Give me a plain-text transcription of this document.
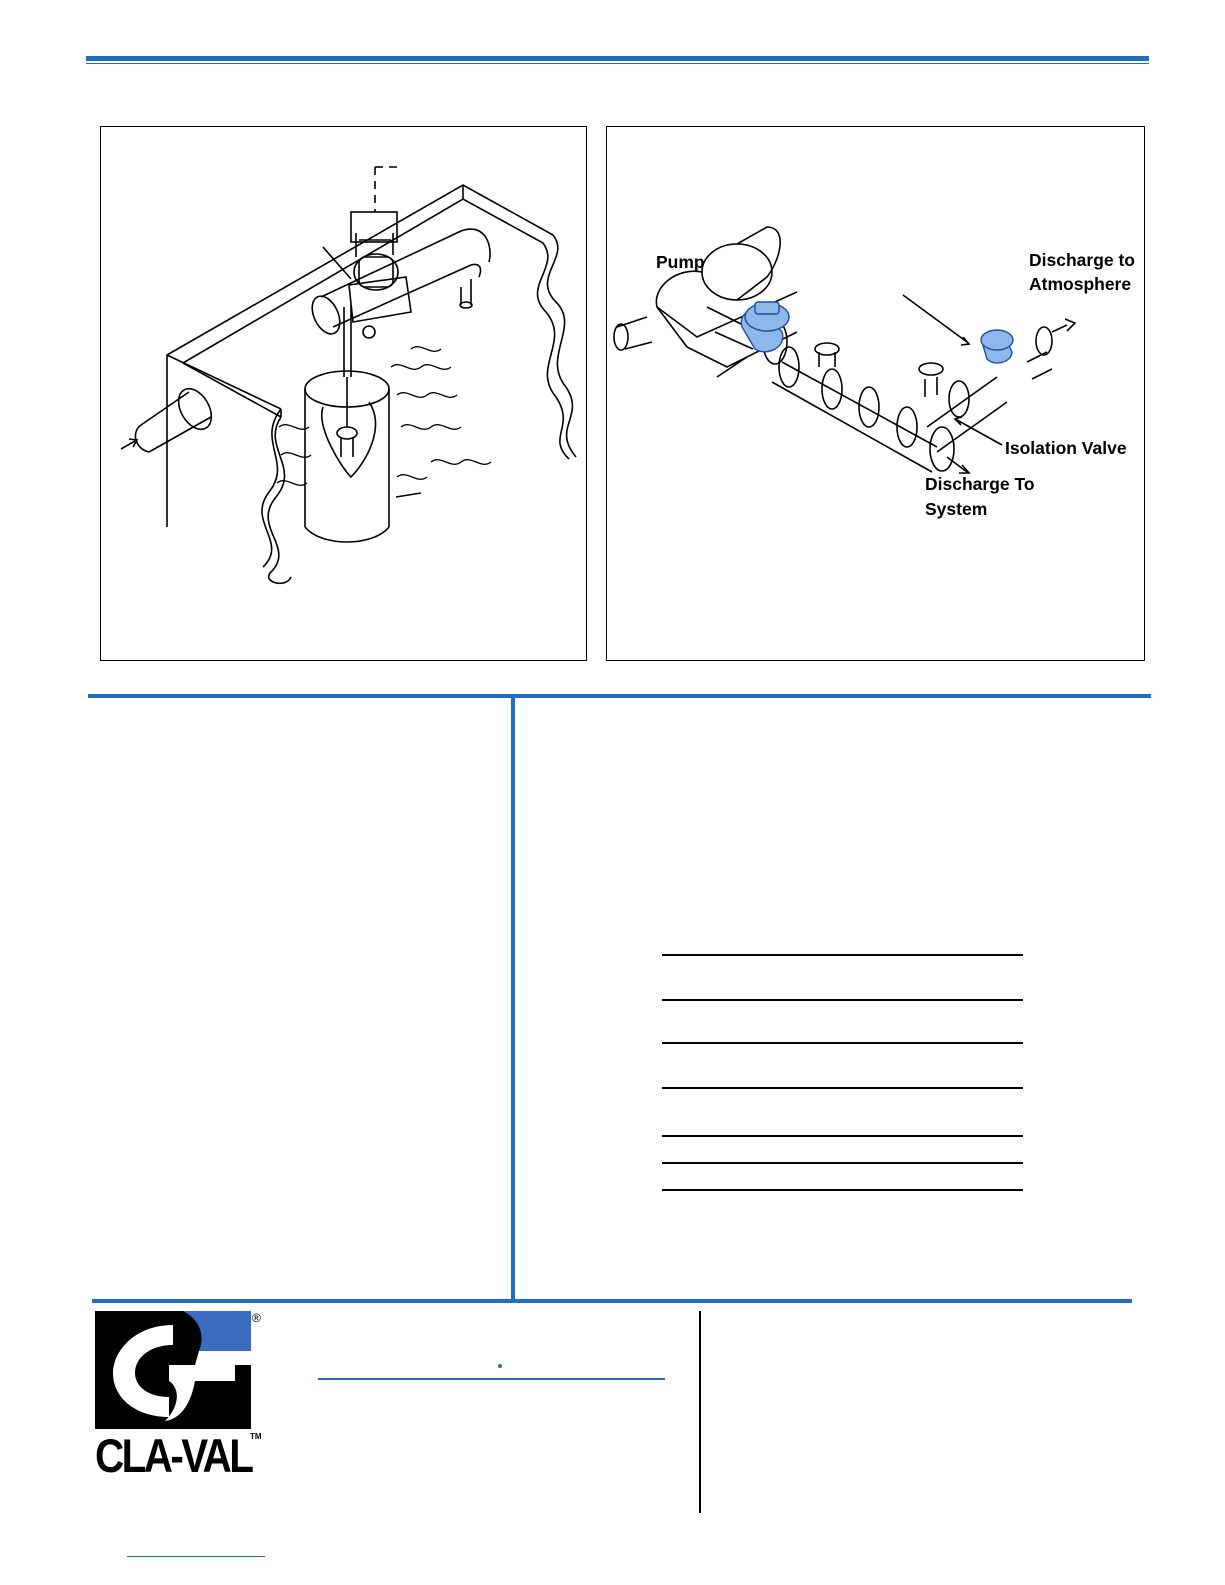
Pump	Discharge to
Atmosphere
Isolation Valve
Discharge To
System
®
CLA-VAL
TM
